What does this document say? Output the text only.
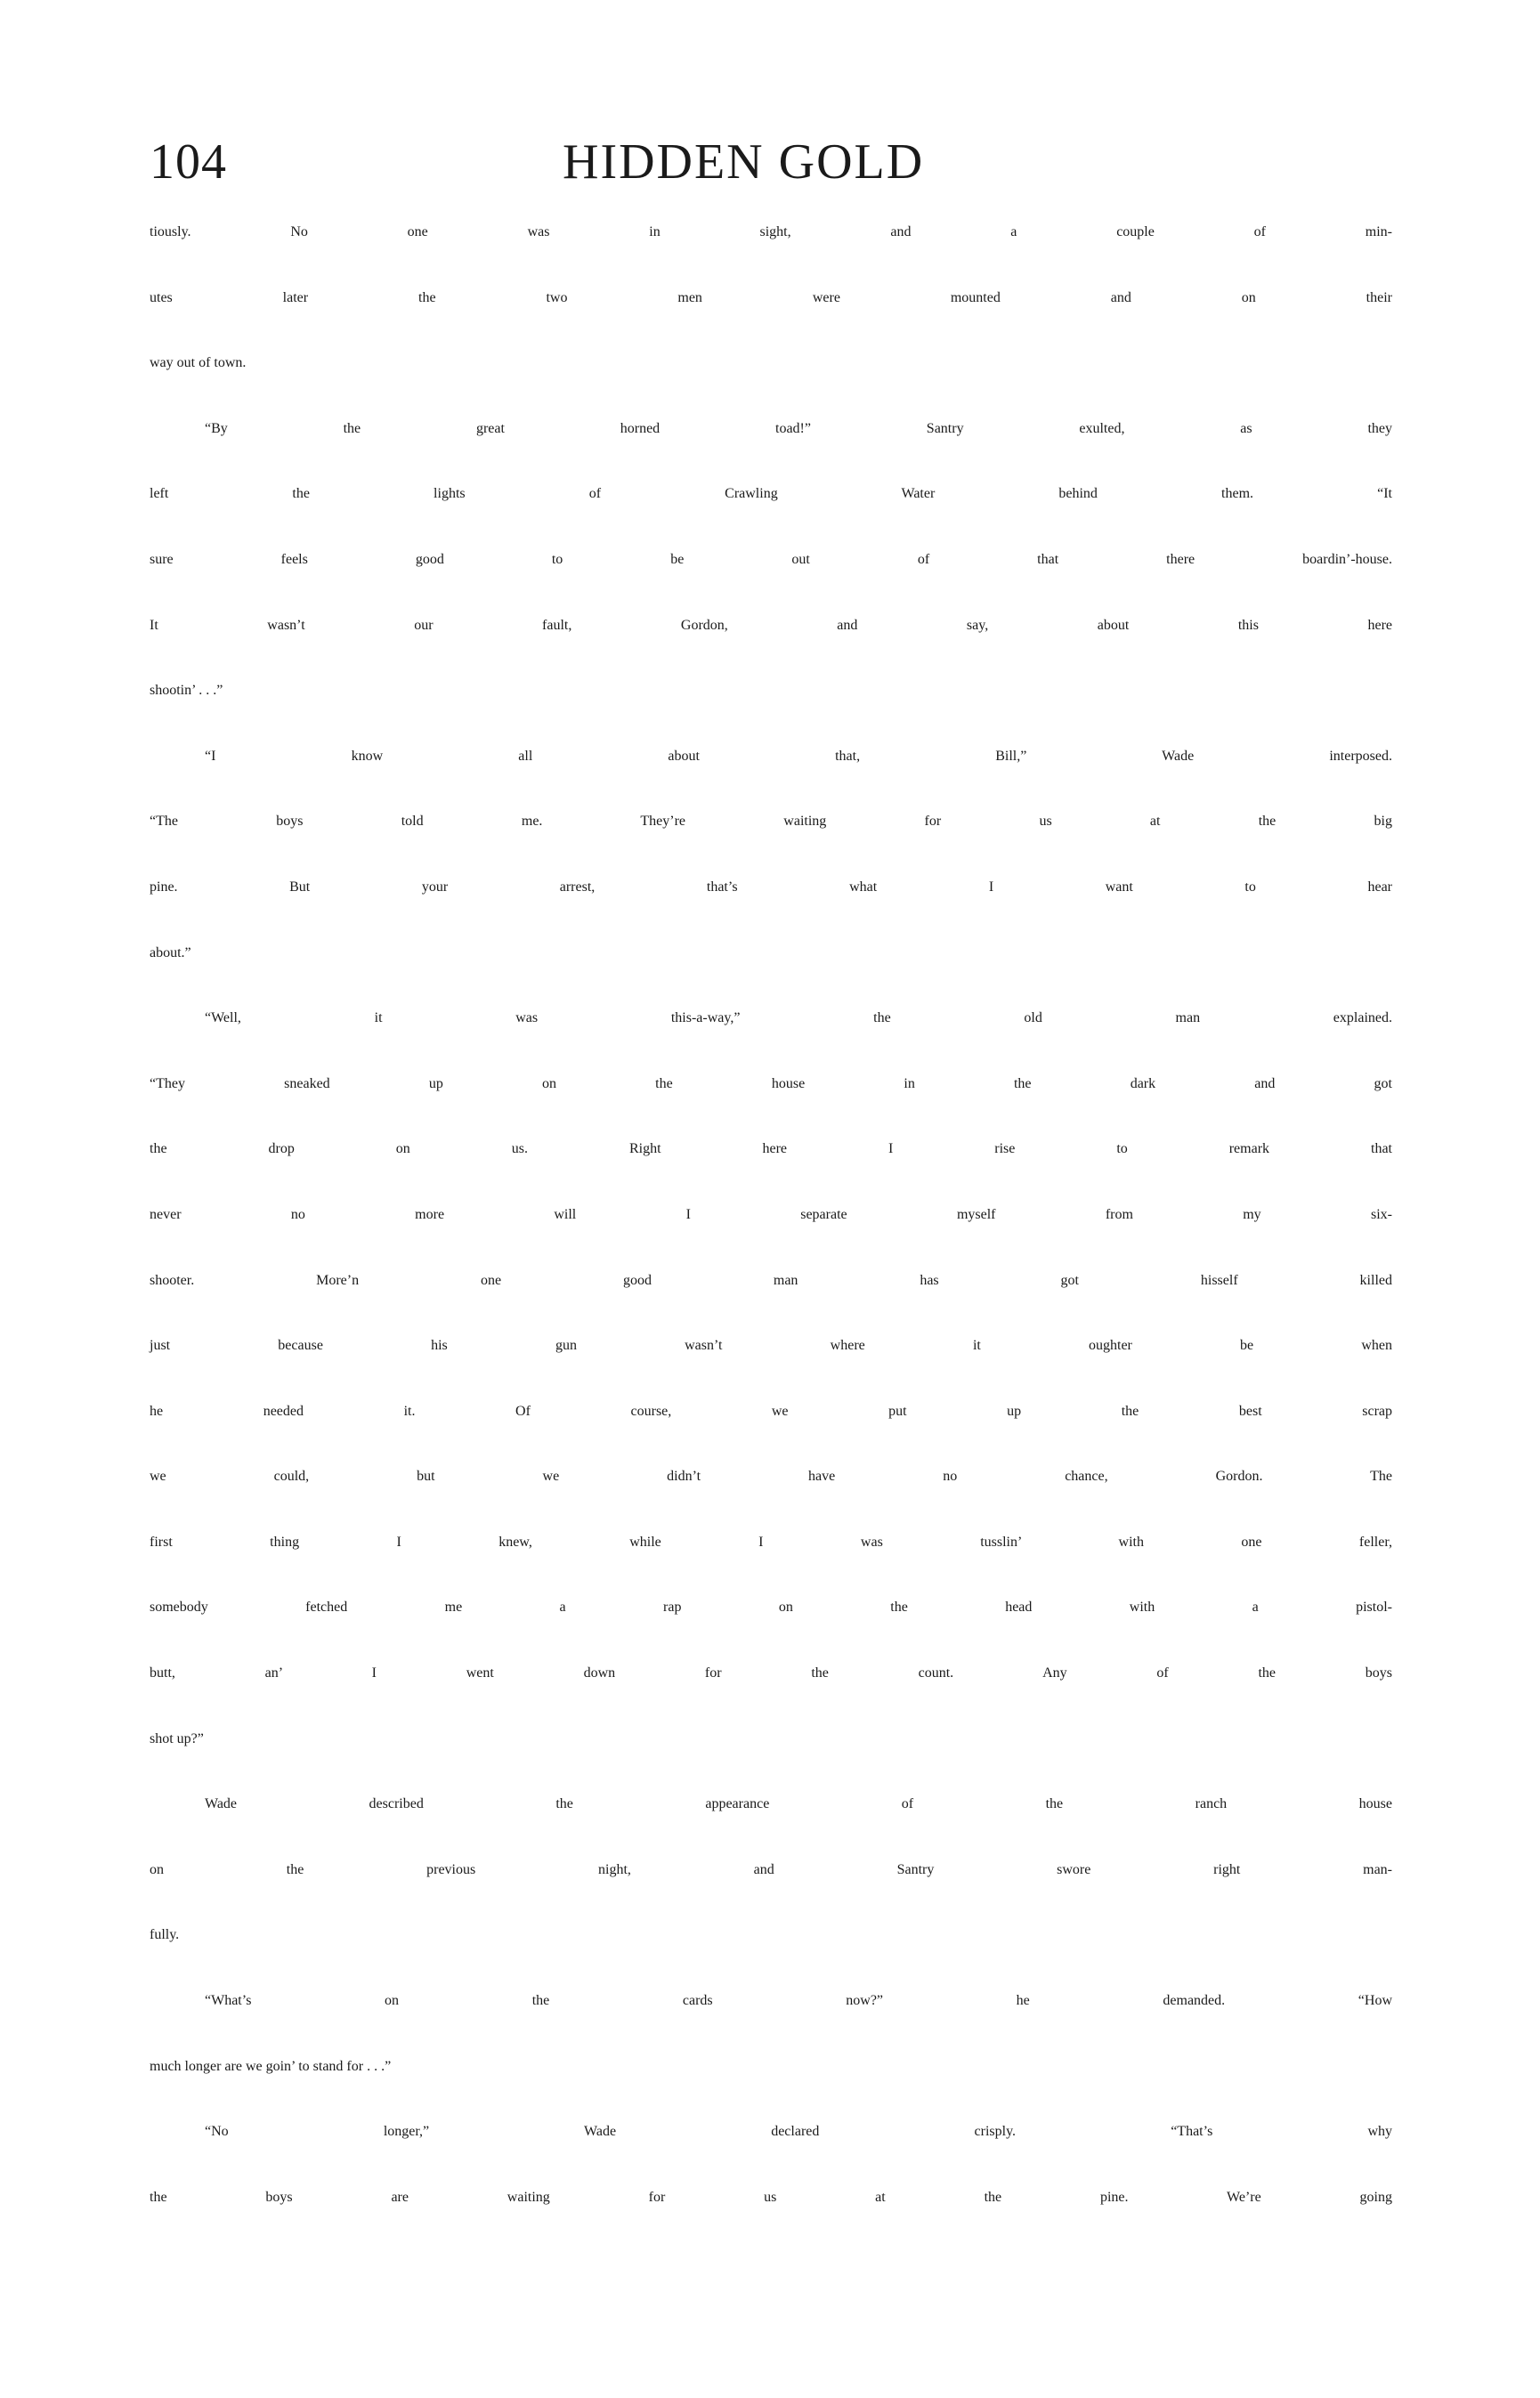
104	HIDDEN GOLD
tiously. No one was in sight, and a couple of min-
utes later the two men were mounted and on their
way out of town.
“By the great horned toad!” Santry exulted, as they
left the lights of Crawling Water behind them. “It
sure feels good to be out of that there boardin’-house.
It wasn’t our fault, Gordon, and say, about this here
shootin’ . . .”
“I know all about that, Bill,” Wade interposed.
“The boys told me. They’re waiting for us at the big
pine. But your arrest, that’s what I want to hear
about.”
“Well, it was this-a-way,” the old man explained.
“They sneaked up on the house in the dark and got
the drop on us. Right here I rise to remark that
never no more will I separate myself from my six-
shooter. More’n one good man has got hisself killed
just because his gun wasn’t where it oughter be when
he needed it. Of course, we put up the best scrap
we could, but we didn’t have no chance, Gordon. The
first thing I knew, while I was tusslin’ with one feller,
somebody fetched me a rap on the head with a pistol-
butt, an’ I went down for the count. Any of the boys
shot up?”
Wade described the appearance of the ranch house
on the previous night, and Santry swore right man-
fully.
“What’s on the cards now?” he demanded. “How
much longer are we goin’ to stand for . . .”
“No longer,” Wade declared crisply. “That’s why
the boys are waiting for us at the pine. We’re going
